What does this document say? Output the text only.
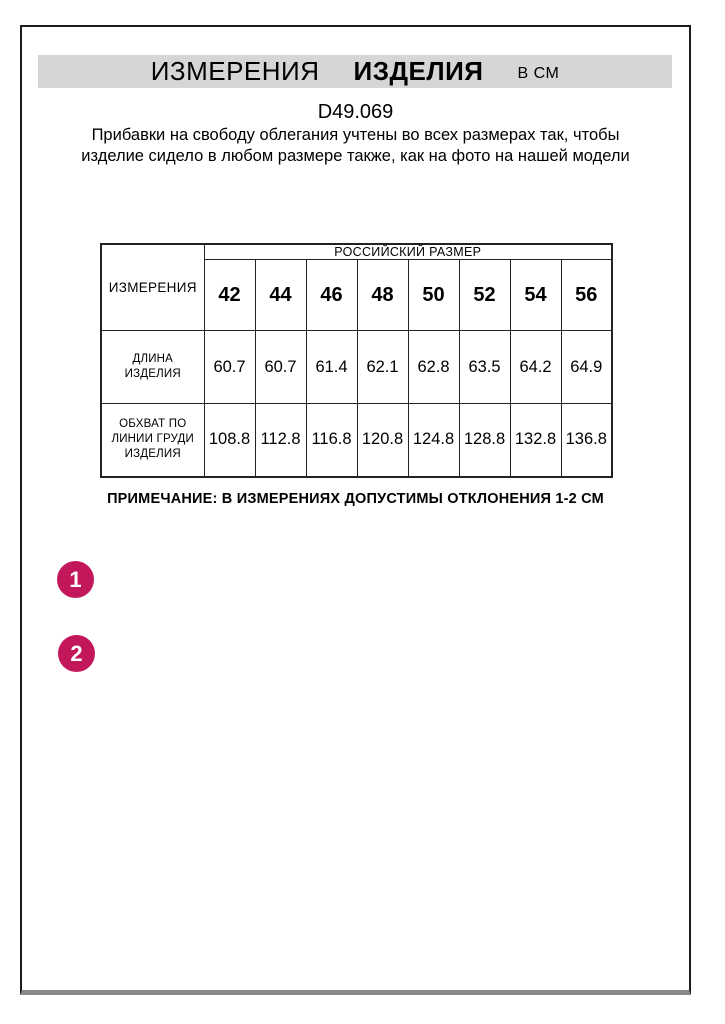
ИЗМЕРЕНИЯ ИЗДЕЛИЯ В СМ
D49.069
Прибавки на свободу облегания учтены во всех размерах так, чтобы изделие сидело в любом размере также, как на фото на нашей модели
1
2
ИЗМЕРЕНИЯ	РОССИЙСКИЙ РАЗМЕР							
	42	44	46	48	50	52	54	56
ДЛИНА ИЗДЕЛИЯ	60.7	60.7	61.4	62.1	62.8	63.5	64.2	64.9
ОБХВАТ ПО ЛИНИИ ГРУДИ ИЗДЕЛИЯ	108.8	112.8	116.8	120.8	124.8	128.8	132.8	136.8
ПРИМЕЧАНИЕ: В ИЗМЕРЕНИЯХ ДОПУСТИМЫ ОТКЛОНЕНИЯ 1-2 СМ
